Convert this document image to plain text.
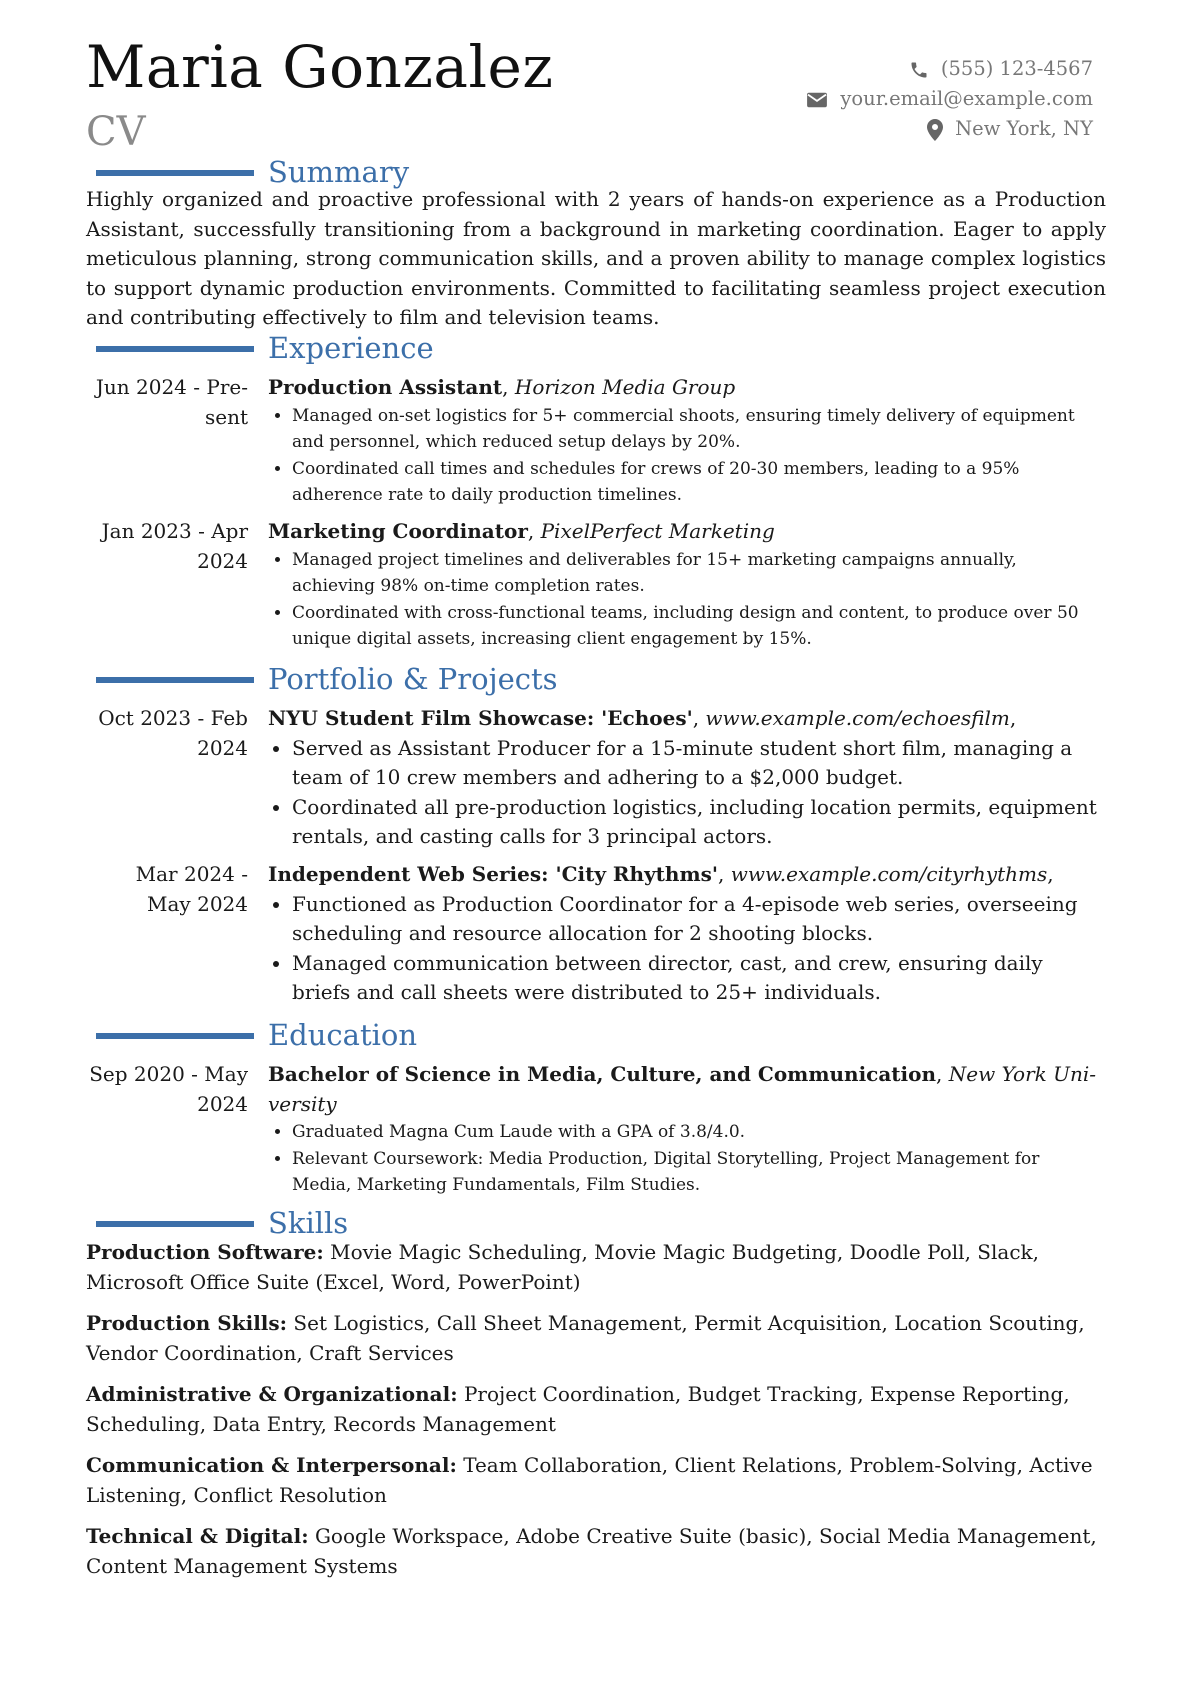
Maria Gonzalez
CV
(555) 123-4567
your.email@example.com
New York, NY
Summary

Highly organized and proactive professional with 2 years of hands-on experience as a Production Assistant, successfully transitioning from a background in marketing coordination. Eager to apply meticulous planning, strong communication skills, and a proven ability to manage complex logistics to support dynamic production environments. Committed to facilitating seamless project execution and contributing effectively to film and television teams.

Experience
Jun 2024 - Pre-
sent
Production Assistant, Horizon Media Group
• Managed on-set logistics for 5+ commercial shoots, ensuring timely delivery of equipment and personnel, which reduced setup delays by 20%.
• Coordinated call times and schedules for crews of 20-30 members, leading to a 95% adherence rate to daily production timelines.
Jan 2023 - Apr
2024
Marketing Coordinator, PixelPerfect Marketing
• Managed project timelines and deliverables for 15+ marketing campaigns annually, achieving 98% on-time completion rates.
• Coordinated with cross-functional teams, including design and content, to produce over 50 unique digital assets, increasing client engagement by 15%.
Portfolio & Projects
Oct 2023 - Feb
2024
NYU Student Film Showcase: 'Echoes', www.example.com/echoesfilm,
• Served as Assistant Producer for a 15-minute student short film, managing a team of 10 crew members and adhering to a $2,000 budget.
• Coordinated all pre-production logistics, including location permits, equipment rentals, and casting calls for 3 principal actors.
Mar 2024 -
May 2024
Independent Web Series: 'City Rhythms', www.example.com/cityrhythms,
• Functioned as Production Coordinator for a 4-episode web series, overseeing scheduling and resource allocation for 2 shooting blocks.
• Managed communication between director, cast, and crew, ensuring daily briefs and call sheets were distributed to 25+ individuals.
Education
Sep 2020 - May
2024
Bachelor of Science in Media, Culture, and Communication, New York Uni-
versity
• Graduated Magna Cum Laude with a GPA of 3.8/4.0.
• Relevant Coursework: Media Production, Digital Storytelling, Project Management for Media, Marketing Fundamentals, Film Studies.
Skills
Production Software: Movie Magic Scheduling, Movie Magic Budgeting, Doodle Poll, Slack, Microsoft Office Suite (Excel, Word, PowerPoint)
Production Skills: Set Logistics, Call Sheet Management, Permit Acquisition, Location Scouting, Vendor Coordination, Craft Services
Administrative & Organizational: Project Coordination, Budget Tracking, Expense Reporting, Scheduling, Data Entry, Records Management
Communication & Interpersonal: Team Collaboration, Client Relations, Problem-Solving, Active Listening, Conflict Resolution
Technical & Digital: Google Workspace, Adobe Creative Suite (basic), Social Media Management, Content Management Systems
